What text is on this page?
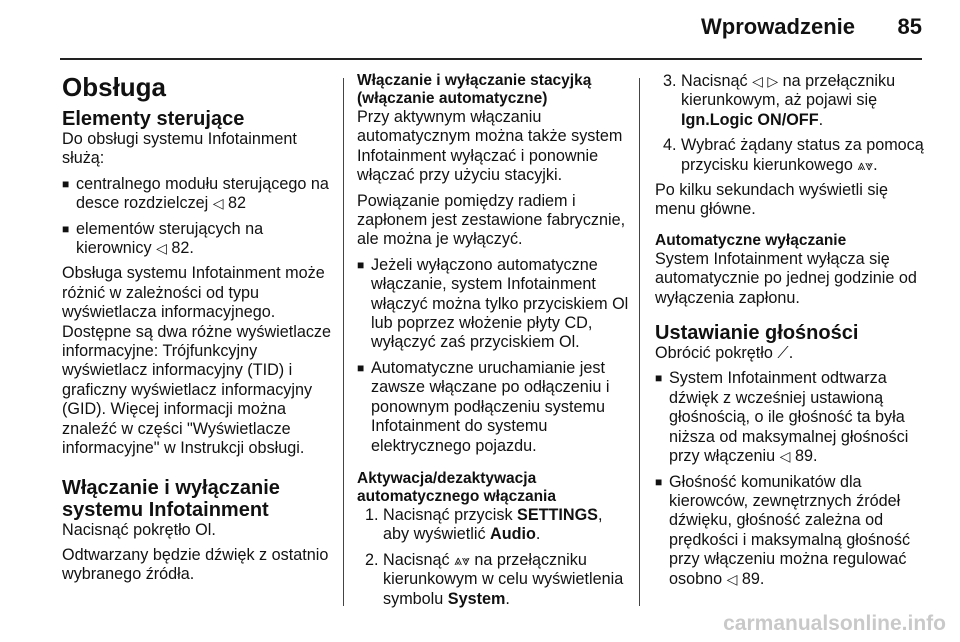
Wprowadzenie 85
Obsługa
Elementy sterujące

Do obsługi systemu Infotainment służą:

■ centralnego modułu sterującego na desce rozdzielczej ◁ 82
■ elementów sterujących na kierownicy ◁ 82.

Obsługa systemu Infotainment może różnić w zależności od typu wyświetlacza informacyjnego. Dostępne są dwa różne wyświetlacze informacyjne: Trójfunkcyjny wyświetlacz informacyjny (TID) i graficzny wyświetlacz informacyjny (GID). Więcej informacji można znaleźć w części "Wyświetlacze informacyjne" w Instrukcji obsługi.

Włączanie i wyłączanie systemu Infotainment

Nacisnąć pokrętło Ol.

Odtwarzany będzie dźwięk z ostatnio wybranego źródła.

Włączanie i wyłączanie stacyjką (włączanie automatyczne)

Przy aktywnym włączaniu automatycznym można także system Infotainment wyłączać i ponownie włączać przy użyciu stacyjki.

Powiązanie pomiędzy radiem i zapłonem jest zestawione fabrycznie, ale można je wyłączyć.

■ Jeżeli wyłączono automatyczne włączanie, system Infotainment włączyć można tylko przyciskiem Ol lub poprzez włożenie płyty CD, wyłączyć zaś przyciskiem Ol.
■ Automatyczne uruchamianie jest zawsze włączane po odłączeniu i ponownym podłączeniu systemu Infotainment do systemu elektrycznego pojazdu.
Aktywacja/dezaktywacja automatycznego włączania
1. Nacisnąć przycisk SETTINGS, aby wyświetlić Audio.
2. Nacisnąć ⩓⩔ na przełączniku kierunkowym w celu wyświetlenia symbolu System.
3. Nacisnąć ◁ ▷ na przełączniku kierunkowym, aż pojawi się Ign.Logic ON/OFF.
4. Wybrać żądany status za pomocą przycisku kierunkowego ⩓⩔.

Po kilku sekundach wyświetli się menu główne.

Automatyczne wyłączanie

System Infotainment wyłącza się automatycznie po jednej godzinie od wyłączenia zapłonu.

Ustawianie głośności

Obrócić pokrętło ⟋.

■ System Infotainment odtwarza dźwięk z wcześniej ustawioną głośnością, o ile głośność ta była niższa od maksymalnej głośności przy włączeniu ◁ 89.
■ Głośność komunikatów dla kierowców, zewnętrznych źródeł dźwięku, głośność zależna od prędkości i maksymalną głośność przy włączeniu można regulować osobno ◁ 89.
carmanualsonline.info
